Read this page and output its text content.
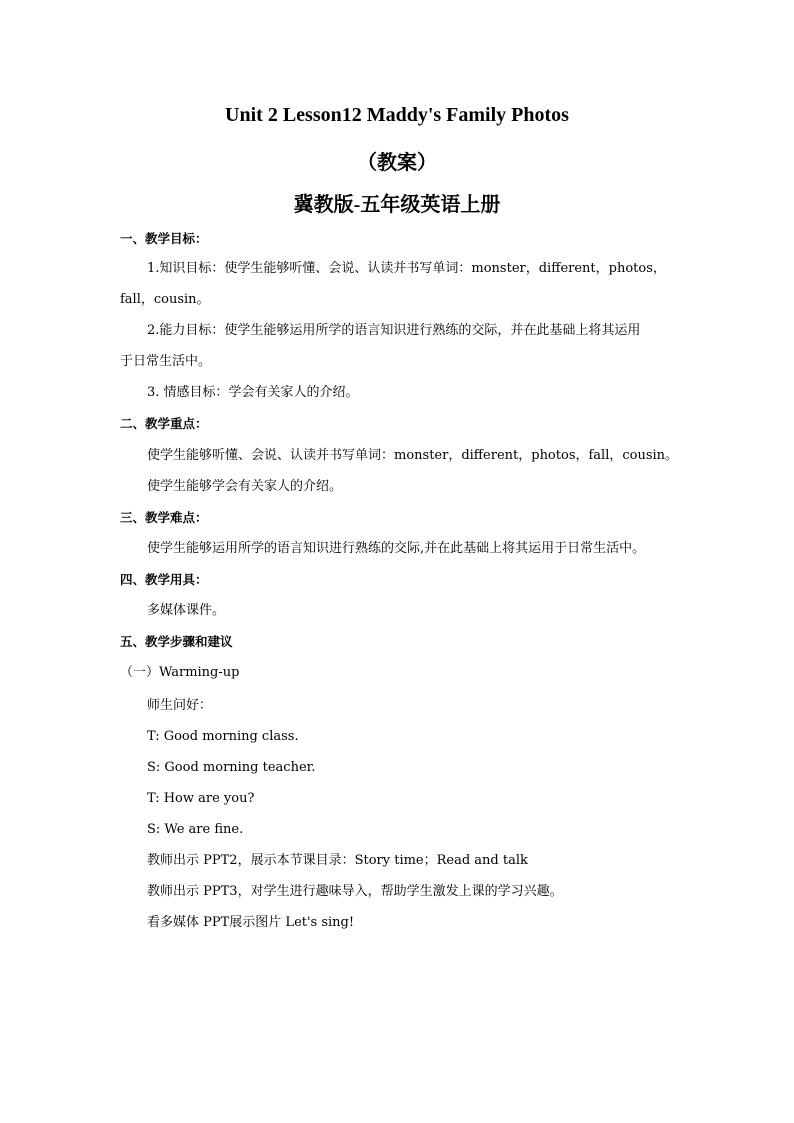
Unit 2 Lesson12 Maddy's Family Photos
（教案）
冀教版-五年级英语上册
一、教学目标：
1.知识目标：使学生能够听懂、会说、认读并书写单词：monster，different，photos，
fall，cousin。
2.能力目标：使学生能够运用所学的语言知识进行熟练的交际，并在此基础上将其运用
于日常生活中。
3. 情感目标：学会有关家人的介绍。
二、教学重点：
使学生能够听懂、会说、认读并书写单词：monster，different，photos，fall，cousin。
使学生能够学会有关家人的介绍。
三、教学难点：
使学生能够运用所学的语言知识进行熟练的交际,并在此基础上将其运用于日常生活中。
四、教学用具：
多媒体课件。
五、教学步骤和建议
（一）Warming-up
师生问好：
T: Good morning class.
S: Good morning teacher.
T: How are you?
S: We are fine.
教师出示 PPT2，展示本节课目录：Story time；Read and talk
教师出示 PPT3，对学生进行趣味导入，帮助学生激发上课的学习兴趣。
看多媒体 PPT展示图片 Let's sing!
